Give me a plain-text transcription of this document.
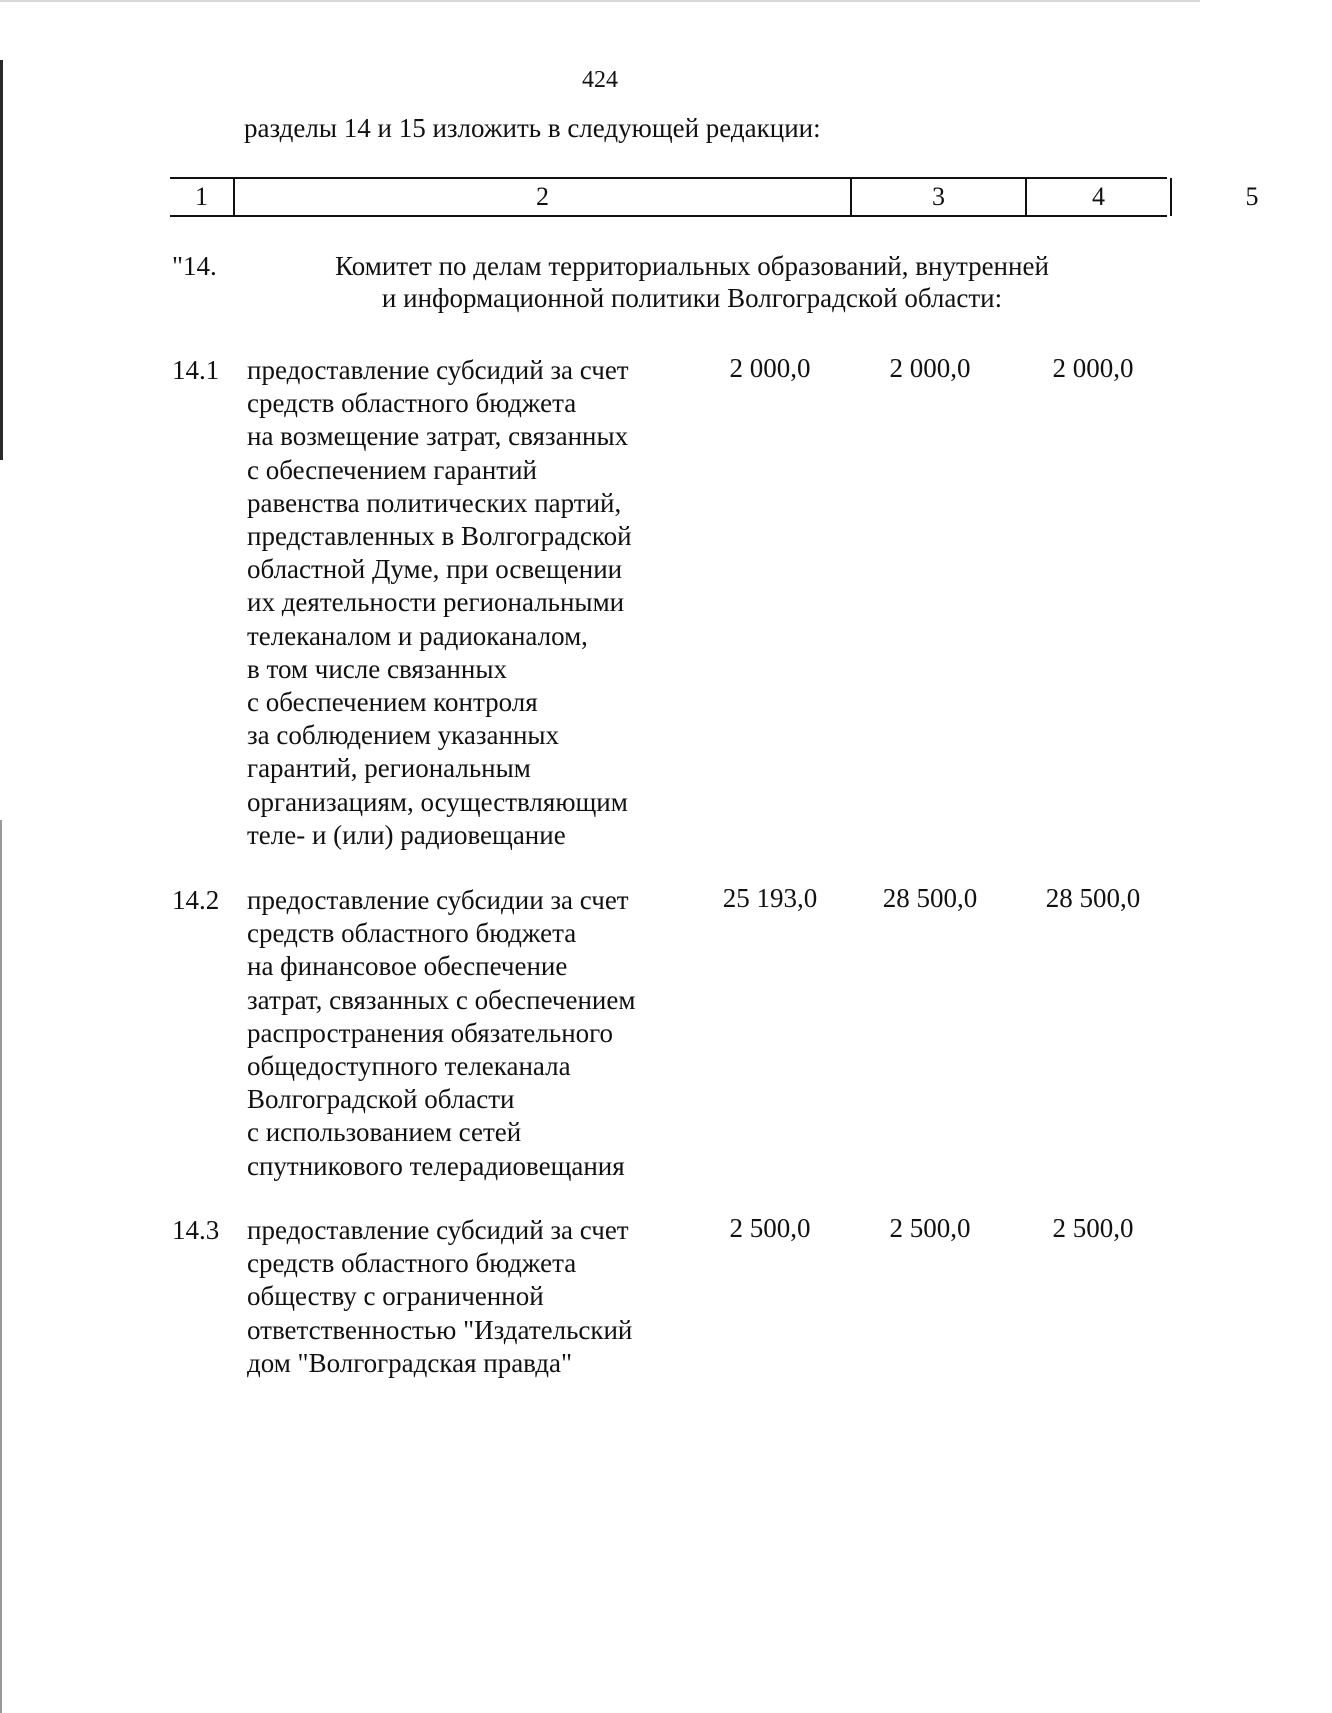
424
разделы 14 и 15 изложить в следующей редакции:
1	2	3	4	5
"14.	Комитет по делам территориальных образований, внутренней
и информационной политики Волгоградской области:
14.1 предоставление субсидий за счет
средств областного бюджета
на возмещение затрат, связанных
с обеспечением гарантий
равенства политических партий,
представленных в Волгоградской
областной Думе, при освещении
их деятельности региональными
телеканалом и радиоканалом,
в том числе связанных
с обеспечением контроля
за соблюдением указанных
гарантий, региональным
организациям, осуществляющим
теле- и (или) радиовещание
2 000,0	2 000,0	2 000,0
14.2 предоставление субсидии за счет
средств областного бюджета
на финансовое обеспечение
затрат, связанных с обеспечением
распространения обязательного
общедоступного телеканала
Волгоградской области
с использованием сетей
спутникового телерадиовещания
25 193,0	28 500,0	28 500,0
14.3 предоставление субсидий за счет
средств областного бюджета
обществу с ограниченной
ответственностью "Издательский
дом "Волгоградская правда"
2 500,0	2 500,0	2 500,0
